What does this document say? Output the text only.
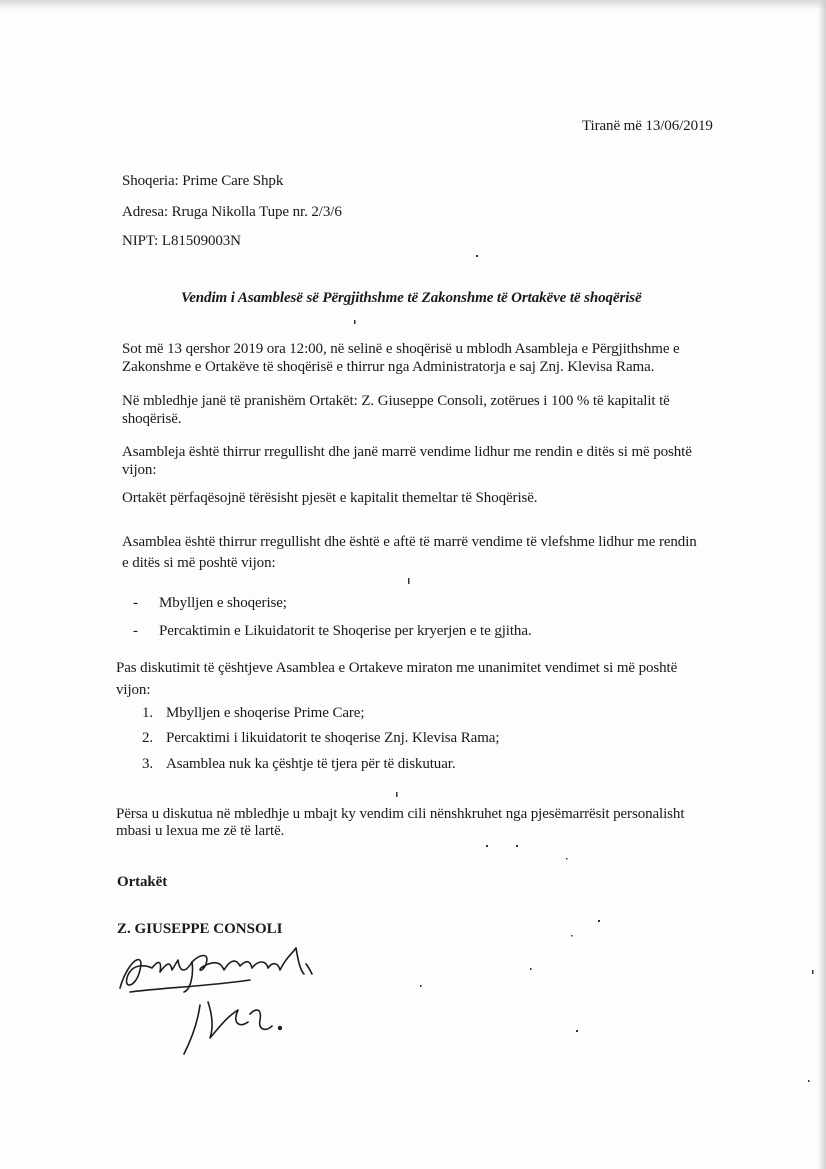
Tiranë më 13/06/2019
Shoqeria: Prime Care Shpk
Adresa: Rruga Nikolla Tupe nr. 2/3/6
NIPT: L81509003N
Vendim i Asamblesë së Përgjithshme të Zakonshme të Ortakëve të shoqërisë
Sot më 13 qershor 2019 ora 12:00, në selinë e shoqërisë u mblodh Asambleja e Përgjithshme e
Zakonshme e Ortakëve të shoqërisë e thirrur nga Administratorja e saj Znj. Klevisa Rama.
Në mbledhje janë të pranishëm Ortakët: Z. Giuseppe Consoli, zotërues i 100 % të kapitalit të
shoqërisë.
Asambleja është thirrur rregullisht dhe janë marrë vendime lidhur me rendin e ditës si më poshtë
vijon:
Ortakët përfaqësojnë tërësisht pjesët e kapitalit themeltar të Shoqërisë.
Asamblea është thirrur rregullisht dhe është e aftë të marrë vendime të vlefshme lidhur me rendin
e ditës si më poshtë vijon:
- Mbylljen e shoqerise;
- Percaktimin e Likuidatorit te Shoqerise per kryerjen e te gjitha.
Pas diskutimit të çështjeve Asamblea e Ortakeve miraton me unanimitet vendimet si më poshtë
vijon:
1. Mbylljen e shoqerise Prime Care;
2. Percaktimi i likuidatorit te shoqerise Znj. Klevisa Rama;
3. Asamblea nuk ka çështje të tjera për të diskutuar.
Përsa u diskutua në mbledhje u mbajt ky vendim cili nënshkruhet nga pjesëmarrësit personalisht
mbasi u lexua me zë të lartë.
Ortakët
Z. GIUSEPPE CONSOLI
